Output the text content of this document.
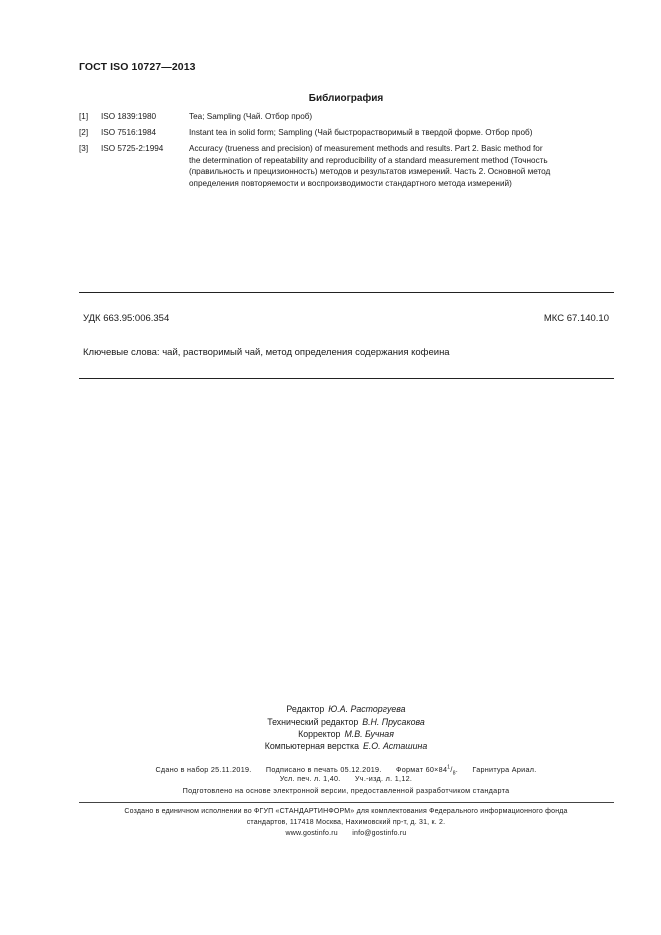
ГОСТ ISO 10727—2013
Библиография
[1] ISO 1839:1980	Tea; Sampling (Чай. Отбор проб)
[2] ISO 7516:1984	Instant tea in solid form; Sampling (Чай быстрорастворимый в твердой форме. Отбор проб)
[3] ISO 5725-2:1994	Accuracy (trueness and precision) of measurement methods and results. Part 2. Basic method for
the determination of repeatability and reproducibility of a standard measurement method (Точность
(правильность и прецизионность) методов и результатов измерений. Часть 2. Основной метод
определения повторяемости и воспроизводимости стандартного метода измерений)
УДК 663.95:006.354	МКС 67.140.10
Ключевые слова: чай, растворимый чай, метод определения содержания кофеина
Редактор Ю.А. Расторгуева
Технический редактор В.Н. Прусакова
Корректор М.В. Бучная
Компьютерная верстка Е.О. Асташина
Сдано в набор 25.11.2019. Подписано в печать 05.12.2019. Формат $60\times 84^1/_8$. Гарнитура Ариал.
Усл. печ. л. 1,40. Уч.-изд. л. 1,12.
Подготовлено на основе электронной версии, предоставленной разработчиком стандарта
Создано в единичном исполнении во ФГУП «СТАНДАРТИНФОРМ» для комплектования Федерального информационного фонда
стандартов, 117418 Москва, Нахимовский пр-т, д. 31, к. 2.
www.gostinfo.ru info@gostinfo.ru
